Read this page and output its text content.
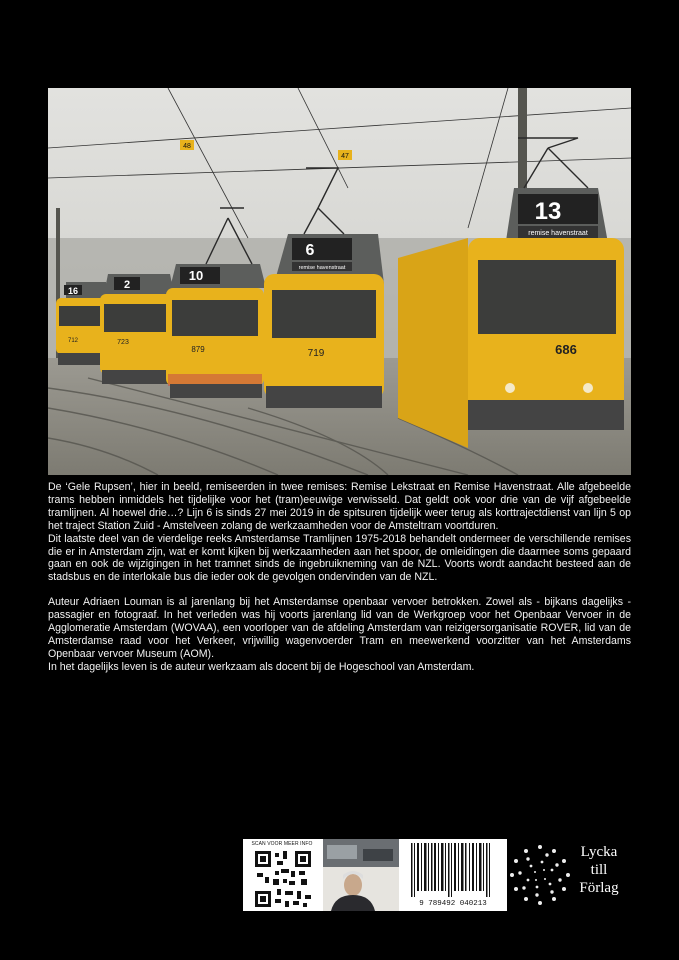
48
47
16
712
2
723
10
879
6
remise havenstraat
719
13
remise havenstraat
686

De ‘Gele Rupsen’, hier in beeld, remiseerden in twee remises: Remise Lekstraat en Remise Havenstraat. Alle afgebeelde trams hebben inmiddels het tijdelijke voor het (tram)eeuwige verwisseld. Dat geldt ook voor drie van de vijf afgebeelde tramlijnen. Al hoewel drie…? Lijn 6 is sinds 27 mei 2019 in de spitsuren tijdelijk weer terug als korttrajectdienst van lijn 5 op het traject Station Zuid - Amstelveen zolang de werkzaamheden voor de Amsteltram voortduren.

Dit laatste deel van de vierdelige reeks Amsterdamse Tramlijnen 1975-2018 behandelt ondermeer de verschillende remises die er in Amsterdam zijn, wat er komt kijken bij werkzaamheden aan het spoor, de omleidingen die daarmee soms gepaard gaan en ook de wijzigingen in het tramnet sinds de ingebruikneming van de NZL. Voorts wordt aandacht besteed aan de stadsbus en de interlokale bus die ieder ook de gevolgen ondervinden van de NZL.

Auteur Adriaen Louman is al jarenlang bij het Amsterdamse openbaar vervoer betrokken. Zowel als - bijkans dagelijks - passagier en fotograaf. In het verleden was hij voorts jarenlang lid van de Werkgroep voor het Openbaar Vervoer in de Agglomeratie Amsterdam (WOVAA), een voorloper van de afdeling Amsterdam van reizigersorganisatie ROVER, lid van de Amsterdamse raad voor het Verkeer, vrijwillig wagenvoerder Tram en meewerkend voorzitter van het Amsterdams Openbaar vervoer Museum (AOM).

In het dagelijks leven is de auteur werkzaam als docent bij de Hogeschool van Amsterdam.

SCAN VOOR MEER INFO
9 789492 040213
Lycka till Förlag
